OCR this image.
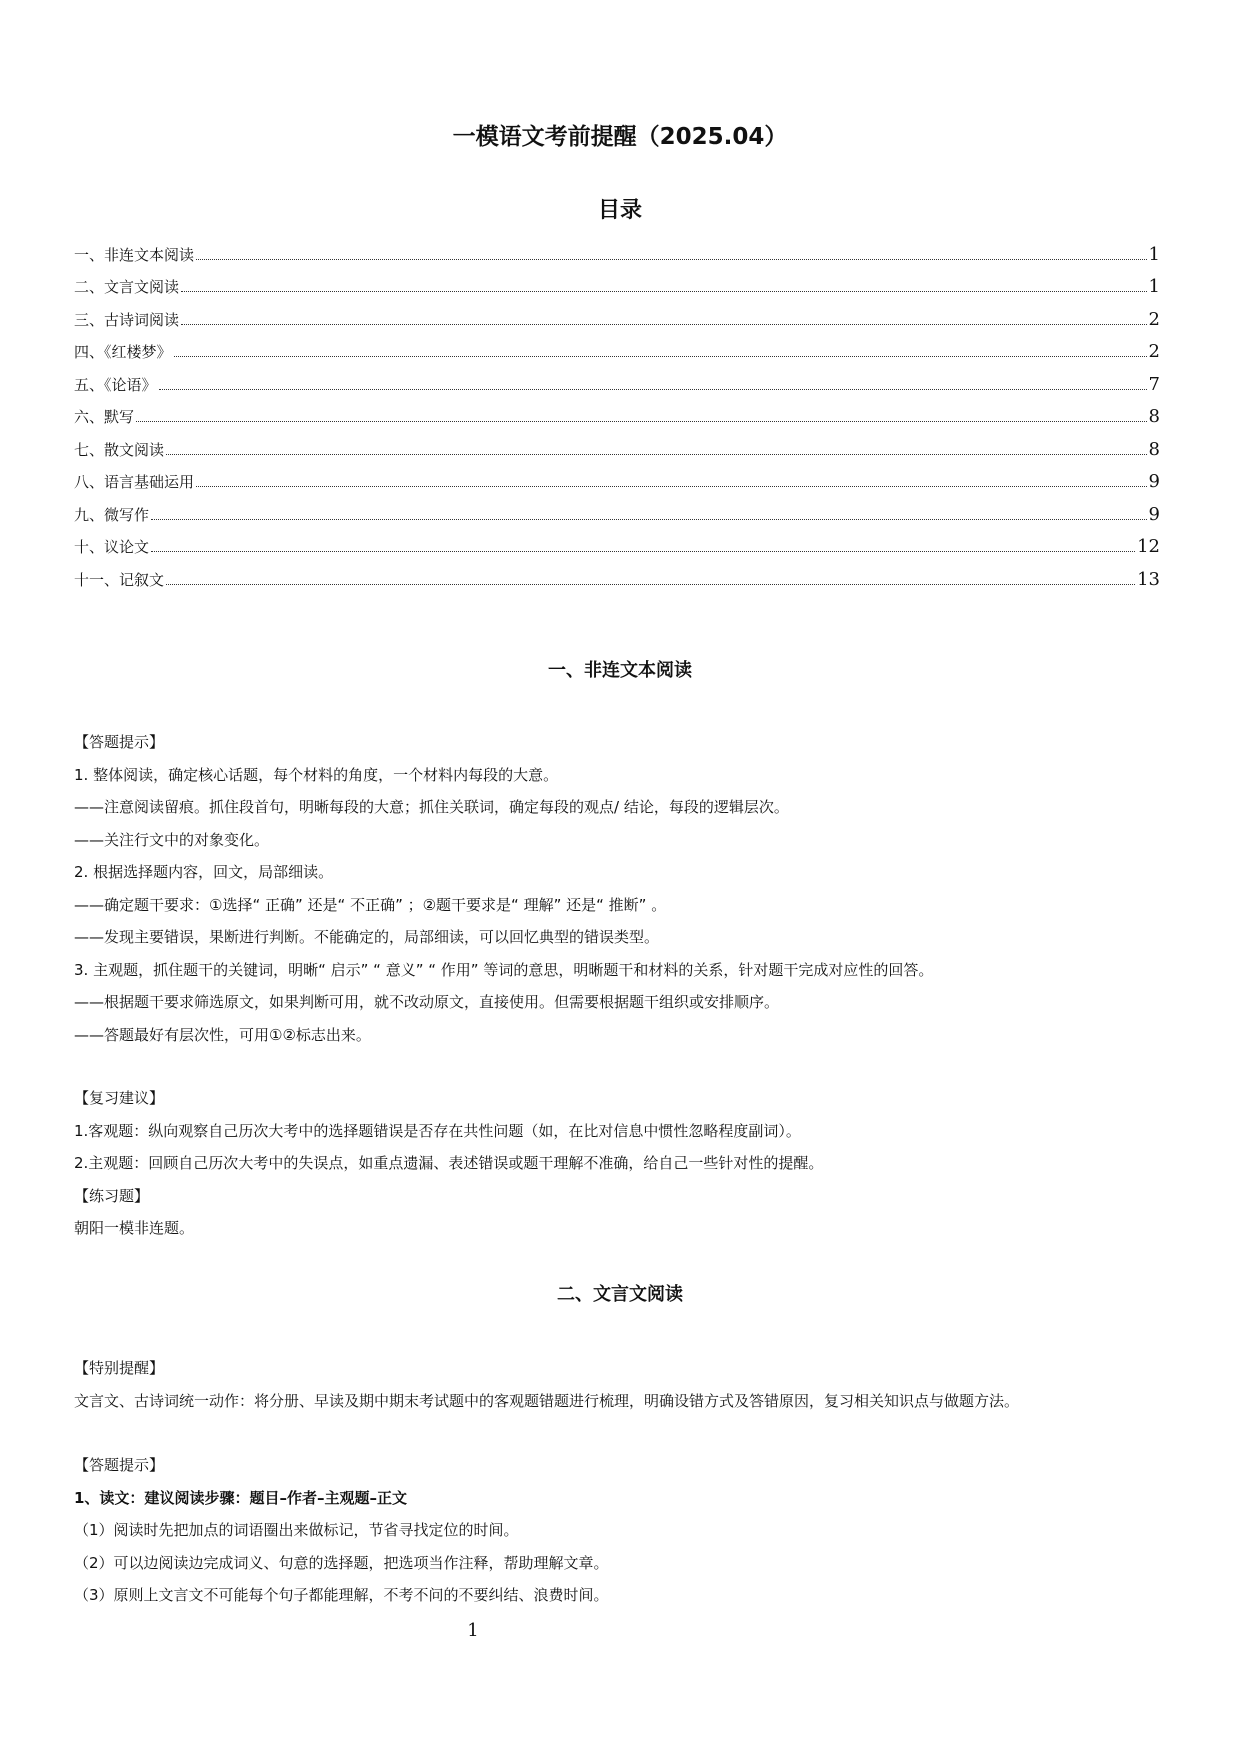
一模语文考前提醒（2025.04）
目录
一、非连文本阅读	1
二、文言文阅读	1
三、古诗词阅读	2
四、《红楼梦》	2
五、《论语》	7
六、默写	8
七、散文阅读	8
八、语言基础运用	9
九、微写作	9
十、议论文	12
十一、记叙文	13
一、非连文本阅读
【答题提示】
1. 整体阅读，确定核心话题，每个材料的角度，一个材料内每段的大意。
——注意阅读留痕。抓住段首句，明晰每段的大意；抓住关联词，确定每段的观点/ 结论，每段的逻辑层次。
——关注行文中的对象变化。
2. 根据选择题内容，回文，局部细读。
——确定题干要求：①选择“ 正确” 还是“ 不正确” ；②题干要求是“ 理解” 还是“ 推断” 。
——发现主要错误，果断进行判断。不能确定的，局部细读，可以回忆典型的错误类型。
3. 主观题，抓住题干的关键词，明晰“ 启示” “ 意义” “ 作用” 等词的意思，明晰题干和材料的关系，针对题干完成对应性的回答。
——根据题干要求筛选原文，如果判断可用，就不改动原文，直接使用。但需要根据题干组织或安排顺序。
——答题最好有层次性，可用①②标志出来。
【复习建议】
1.客观题：纵向观察自己历次大考中的选择题错误是否存在共性问题（如，在比对信息中惯性忽略程度副词）。
2.主观题：回顾自己历次大考中的失误点，如重点遗漏、表述错误或题干理解不准确，给自己一些针对性的提醒。
【练习题】
朝阳一模非连题。
二、文言文阅读
【特别提醒】
文言文、古诗词统一动作：将分册、早读及期中期末考试题中的客观题错题进行梳理，明确设错方式及答错原因，复习相关知识点与做题方法。
【答题提示】
1、读文：建议阅读步骤：题目–作者–主观题–正文
（1）阅读时先把加点的词语圈出来做标记，节省寻找定位的时间。
（2）可以边阅读边完成词义、句意的选择题，把选项当作注释，帮助理解文章。
（3）原则上文言文不可能每个句子都能理解，不考不问的不要纠结、浪费时间。
1
